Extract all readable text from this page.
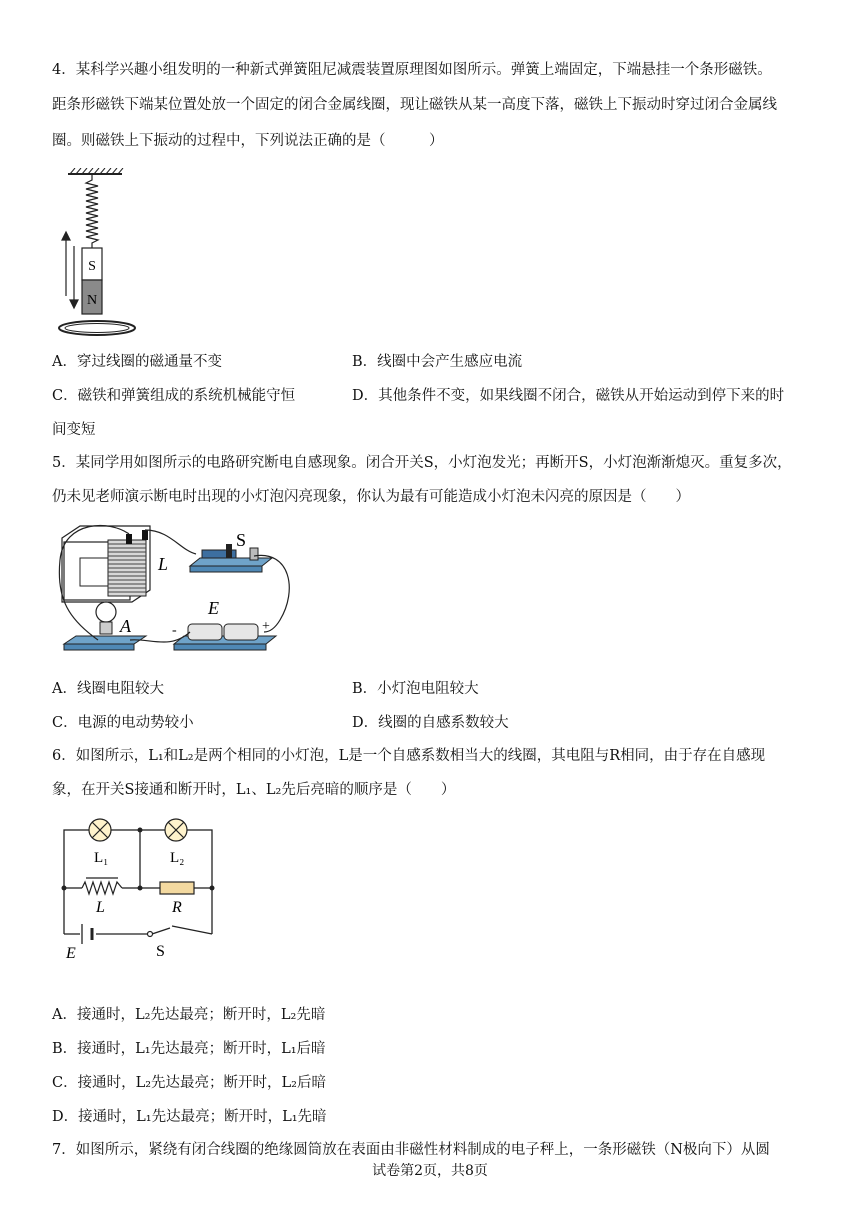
4．某科学兴趣小组发明的一种新式弹簧阻尼减震装置原理图如图所示。弹簧上端固定，下端悬挂一个条形磁铁。
距条形磁铁下端某位置处放一个固定的闭合金属线圈，现让磁铁从某一高度下落，磁铁上下振动时穿过闭合金属线
圈。则磁铁上下振动的过程中，下列说法正确的是（　　　）
S
N
A．穿过线圈的磁通量不变	B．线圈中会产生感应电流
C．磁铁和弹簧组成的系统机械能守恒	D．其他条件不变，如果线圈不闭合，磁铁从开始运动到停下来的时
间变短
5．某同学用如图所示的电路研究断电自感现象。闭合开关S，小灯泡发光；再断开S，小灯泡渐渐熄灭。重复多次，
仍未见老师演示断电时出现的小灯泡闪亮现象，你认为最有可能造成小灯泡未闪亮的原因是（　　）
L
S
A
E
-	+
A．线圈电阻较大	B．小灯泡电阻较大
C．电源的电动势较小	D．线圈的自感系数较大
6．如图所示，L₁和L₂是两个相同的小灯泡，L是一个自感系数相当大的线圈，其电阻与R相同，由于存在自感现
象，在开关S接通和断开时，L₁、L₂先后亮暗的顺序是（　　）
L₁	L₂
L	R
E	S
A．接通时，L₂先达最亮；断开时，L₂先暗
B．接通时，L₁先达最亮；断开时，L₁后暗
C．接通时，L₂先达最亮；断开时，L₂后暗
D．接通时，L₁先达最亮；断开时，L₁先暗
7．如图所示，紧绕有闭合线圈的绝缘圆筒放在表面由非磁性材料制成的电子秤上，一条形磁铁（N极向下）从圆
试卷第2页，共8页
